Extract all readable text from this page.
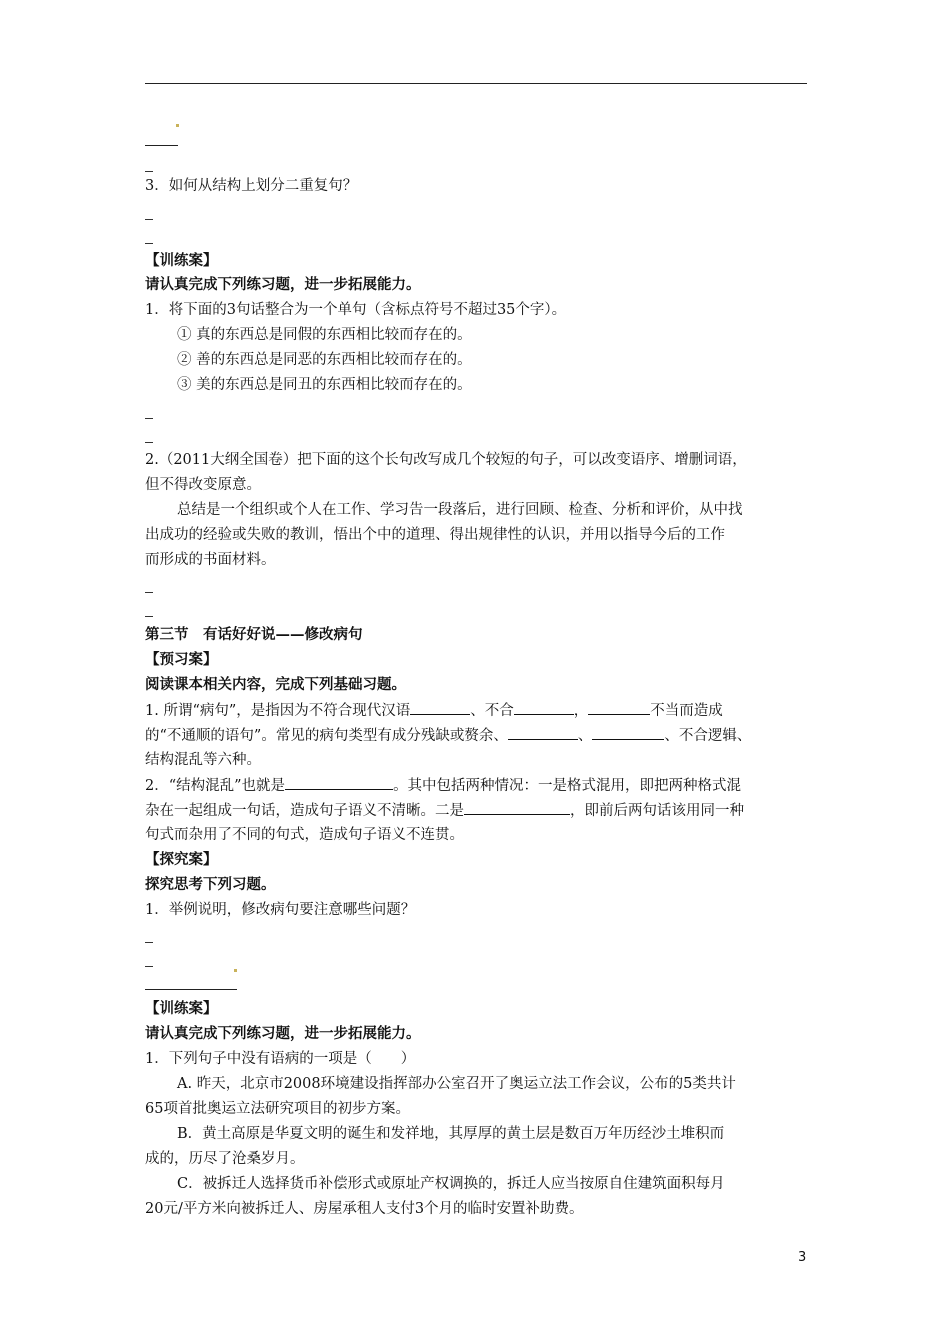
3．如何从结构上划分二重复句？
【训练案】
请认真完成下列练习题，进一步拓展能力。
1．将下面的3句话整合为一个单句（含标点符号不超过35个字）。
① 真的东西总是同假的东西相比较而存在的。
② 善的东西总是同恶的东西相比较而存在的。
③ 美的东西总是同丑的东西相比较而存在的。
2.（2011大纲全国卷）把下面的这个长句改写成几个较短的句子，可以改变语序、增删词语，
但不得改变原意。
总结是一个组织或个人在工作、学习告一段落后，进行回顾、检查、分析和评价，从中找
出成功的经验或失败的教训，悟出个中的道理、得出规律性的认识，并用以指导今后的工作
而形成的书面材料。
第三节　有话好好说——修改病句
【预习案】
阅读课本相关内容，完成下列基础习题。
1. 所谓“病句”，是指因为不符合现代汉语	、不合	，	不当而造成
的“不通顺的语句”。常见的病句类型有成分残缺或赘余、	、	、不合逻辑、
结构混乱等六种。
2．“结构混乱”也就是	。其中包括两种情况：一是格式混用，即把两种格式混
杂在一起组成一句话，造成句子语义不清晰。二是	，即前后两句话该用同一种
句式而杂用了不同的句式，造成句子语义不连贯。
【探究案】
探究思考下列习题。
1．举例说明，修改病句要注意哪些问题？
【训练案】
请认真完成下列练习题，进一步拓展能力。
1．下列句子中没有语病的一项是（　　）
A. 昨天，北京市2008环境建设指挥部办公室召开了奥运立法工作会议，公布的5类共计
65项首批奥运立法研究项目的初步方案。
B．黄土高原是华夏文明的诞生和发祥地，其厚厚的黄土层是数百万年历经沙土堆积而
成的，历尽了沧桑岁月。
C．被拆迁人选择货币补偿形式或原址产权调换的，拆迁人应当按原自住建筑面积每月
20元/平方米向被拆迁人、房屋承租人支付3个月的临时安置补助费。
3
